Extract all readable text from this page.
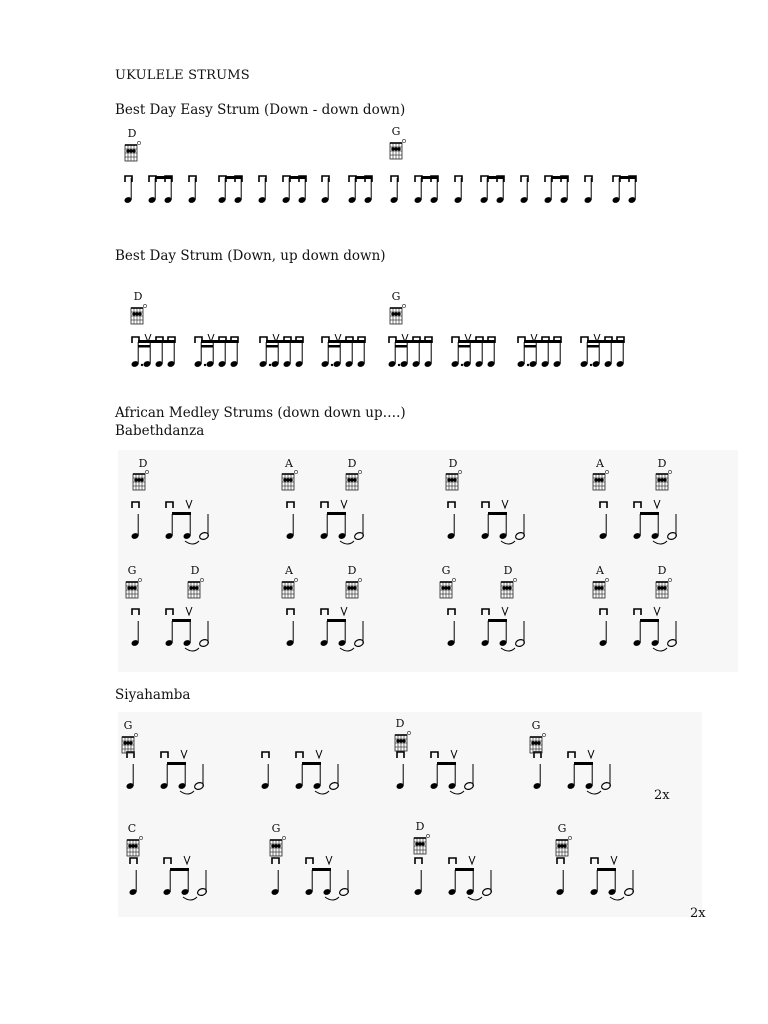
UKULELE STRUMS
Best Day Easy Strum (Down - down down)
D	G
Best Day Strum (Down, up down down)
D	G
African Medley Strums (down down up….)
Babethdanza
D	A	D	D	A	D
G	D	A	D	G	D	A	D
Siyahamba
G	D	G
2x
C	G	D	G
2x
